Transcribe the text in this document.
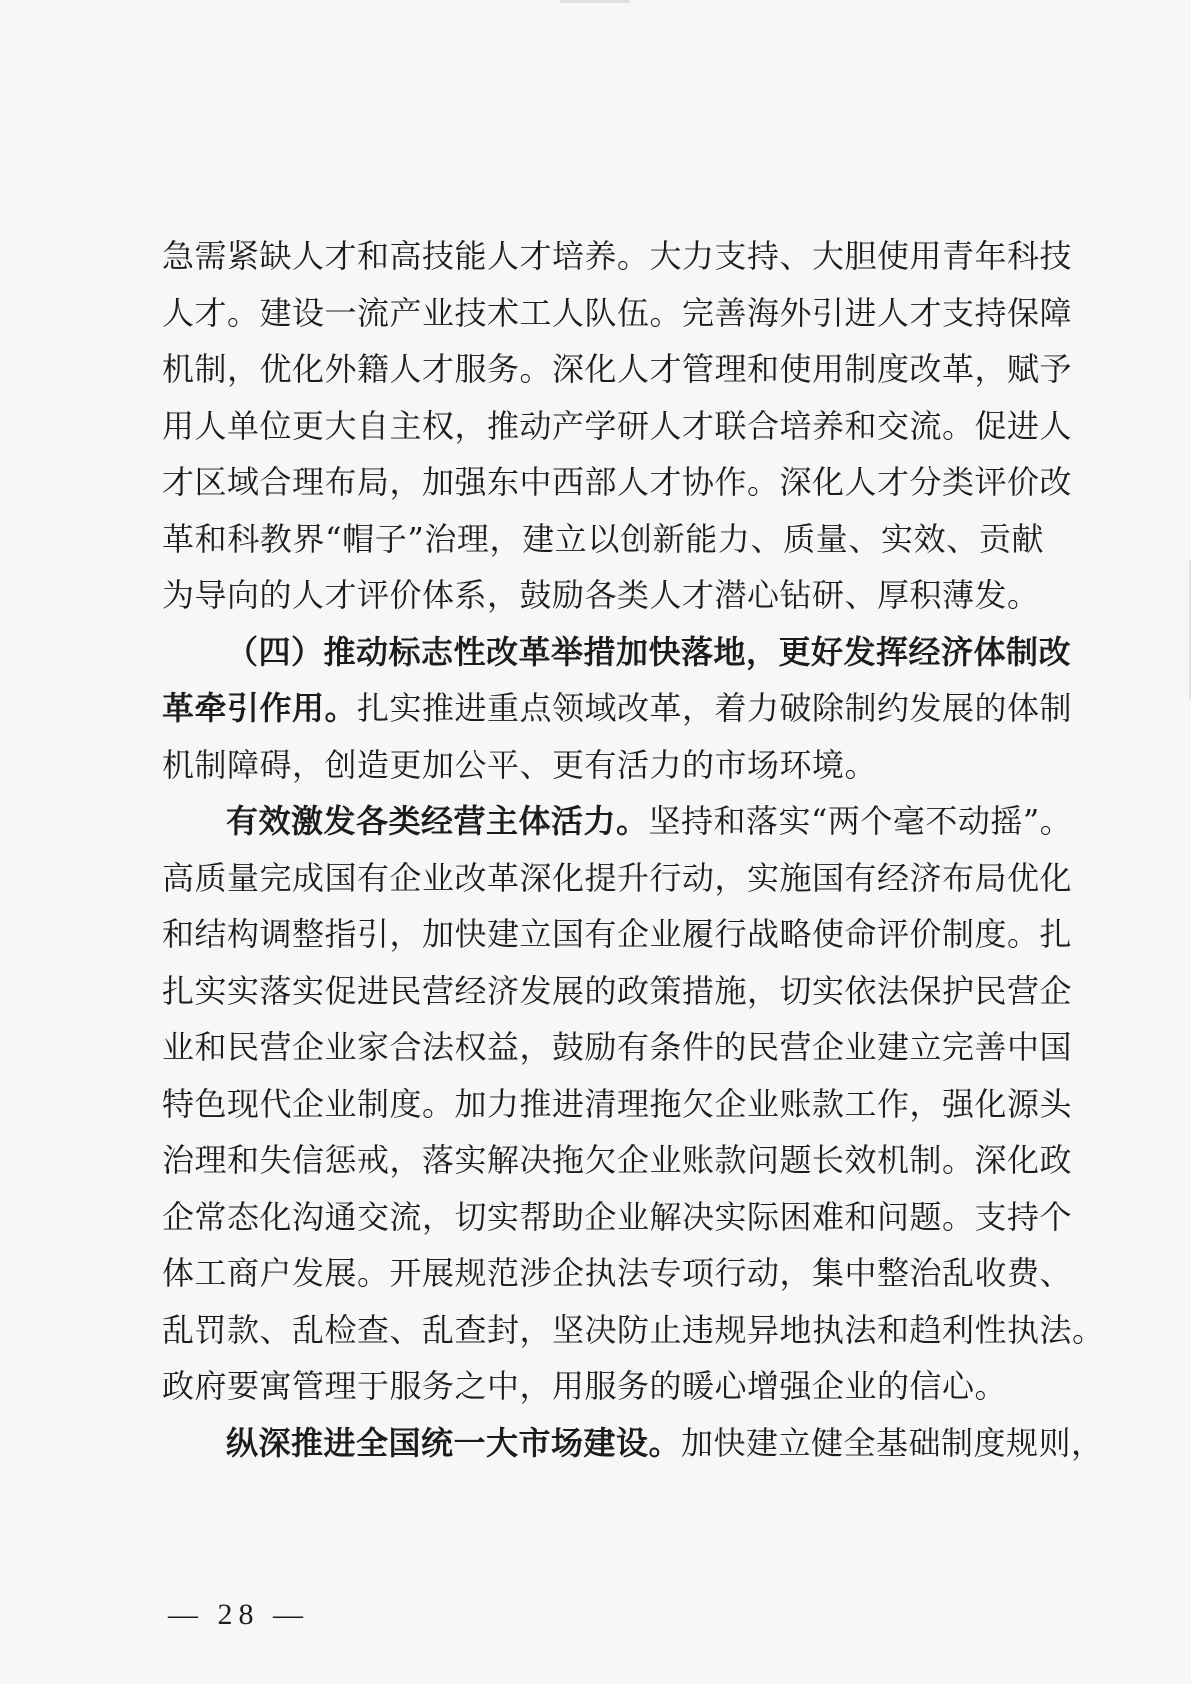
急需紧缺人才和高技能人才培养。大力支持、大胆使用青年科技
人才。建设一流产业技术工人队伍。完善海外引进人才支持保障
机制，优化外籍人才服务。深化人才管理和使用制度改革，赋予
用人单位更大自主权，推动产学研人才联合培养和交流。促进人
才区域合理布局，加强东中西部人才协作。深化人才分类评价改
革和科教界“帽子”治理，建立以创新能力、质量、实效、贡献
为导向的人才评价体系，鼓励各类人才潜心钻研、厚积薄发。
（四）推动标志性改革举措加快落地，更好发挥经济体制改
革牵引作用。扎实推进重点领域改革，着力破除制约发展的体制
机制障碍，创造更加公平、更有活力的市场环境。
有效激发各类经营主体活力。坚持和落实“两个毫不动摇”。
高质量完成国有企业改革深化提升行动，实施国有经济布局优化
和结构调整指引，加快建立国有企业履行战略使命评价制度。扎
扎实实落实促进民营经济发展的政策措施，切实依法保护民营企
业和民营企业家合法权益，鼓励有条件的民营企业建立完善中国
特色现代企业制度。加力推进清理拖欠企业账款工作，强化源头
治理和失信惩戒，落实解决拖欠企业账款问题长效机制。深化政
企常态化沟通交流，切实帮助企业解决实际困难和问题。支持个
体工商户发展。开展规范涉企执法专项行动，集中整治乱收费、
乱罚款、乱检查、乱查封，坚决防止违规异地执法和趋利性执法。
政府要寓管理于服务之中，用服务的暖心增强企业的信心。
纵深推进全国统一大市场建设。加快建立健全基础制度规则，
— 28 —
